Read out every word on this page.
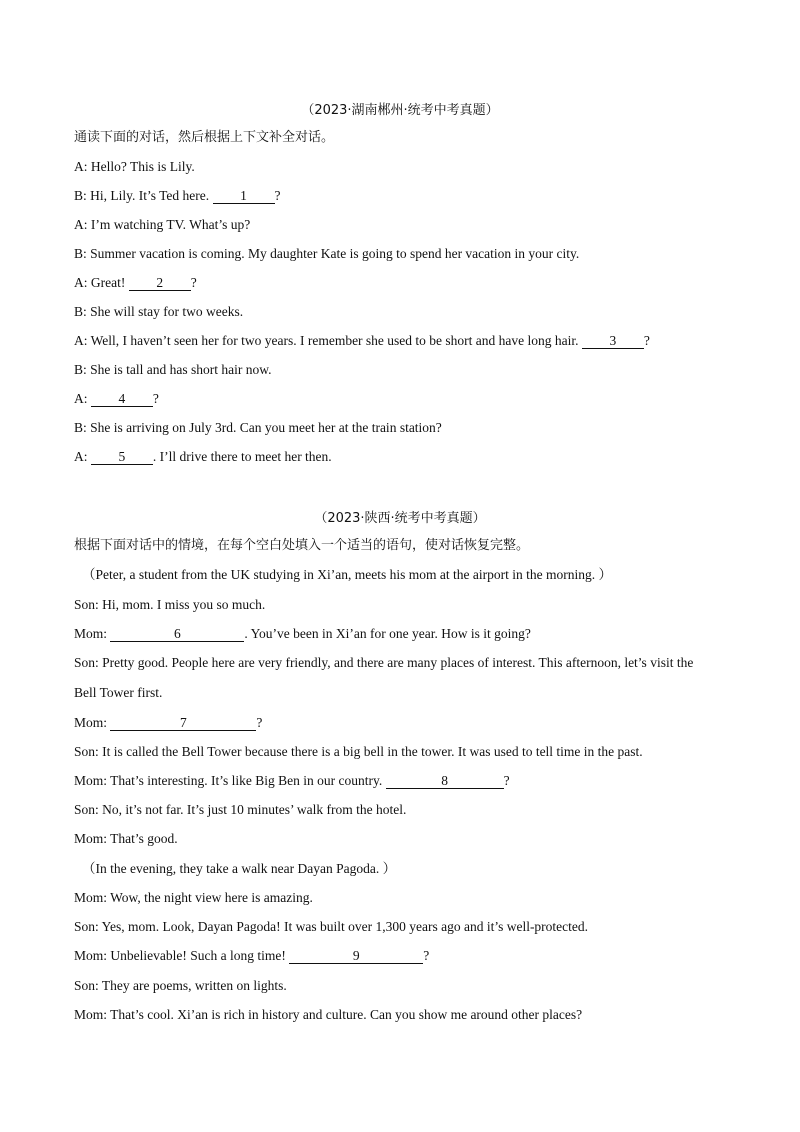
（2023·湖南郴州·统考中考真题）
通读下面的对话，然后根据上下文补全对话。
A: Hello? This is Lily.
B: Hi, Lily. It’s Ted here. 1 ?
A: I’m watching TV. What’s up?
B: Summer vacation is coming. My daughter Kate is going to spend her vacation in your city.
A: Great! 2 ?
B: She will stay for two weeks.
A: Well, I haven’t seen her for two years. I remember she used to be short and have long hair. 3 ?
B: She is tall and has short hair now.
A: 4 ?
B: She is arriving on July 3rd. Can you meet her at the train station?
A: 5 . I’ll drive there to meet her then.
（2023·陕西·统考中考真题）
根据下面对话中的情境，在每个空白处填入一个适当的语句，使对话恢复完整。
（Peter, a student from the UK studying in Xi’an, meets his mom at the airport in the morning. ）
Son: Hi, mom. I miss you so much.
Mom:	6	. You’ve been in Xi’an for one year. How is it going?
Son: Pretty good. People here are very friendly, and there are many places of interest. This afternoon, let’s visit the
Bell Tower first.
Mom:	7	?
Son: It is called the Bell Tower because there is a big bell in the tower. It was used to tell time in the past.
Mom: That’s interesting. It’s like Big Ben in our country.	8	?
Son: No, it’s not far. It’s just 10 minutes’ walk from the hotel.
Mom: That’s good.
（In the evening, they take a walk near Dayan Pagoda. ）
Mom: Wow, the night view here is amazing.
Son: Yes, mom. Look, Dayan Pagoda! It was built over 1,300 years ago and it’s well-protected.
Mom: Unbelievable! Such a long time!	9	?
Son: They are poems, written on lights.
Mom: That’s cool. Xi’an is rich in history and culture. Can you show me around other places?
